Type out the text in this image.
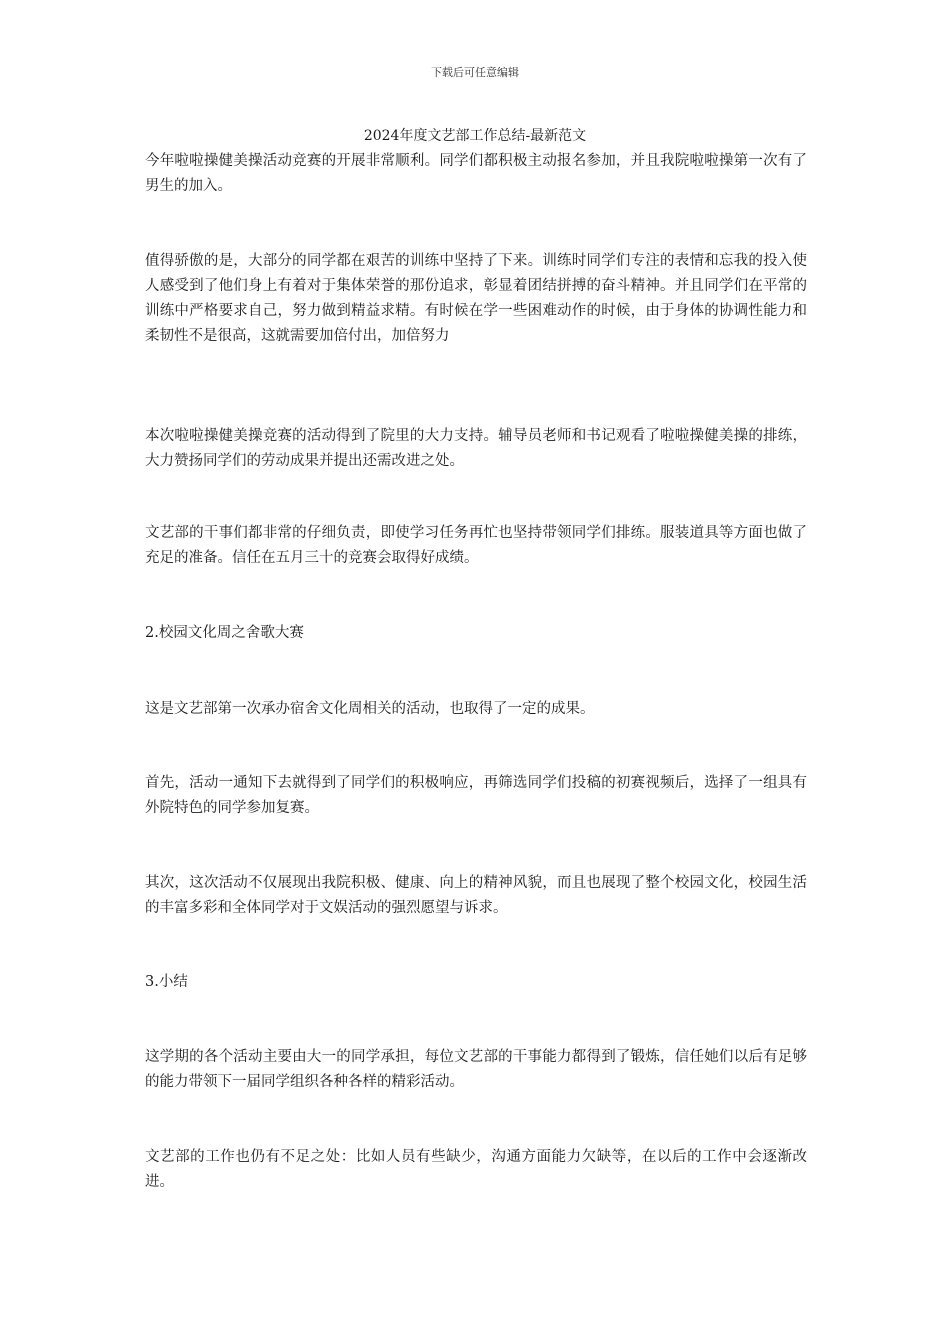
下载后可任意编辑
2024年度文艺部工作总结-最新范文

今年啦啦操健美操活动竞赛的开展非常顺利。同学们都积极主动报名参加，并且我院啦啦操第一次有了男生的加入。

值得骄傲的是，大部分的同学都在艰苦的训练中坚持了下来。训练时同学们专注的表情和忘我的投入使人感受到了他们身上有着对于集体荣誉的那份追求，彰显着团结拼搏的奋斗精神。并且同学们在平常的训练中严格要求自己，努力做到精益求精。有时候在学一些困难动作的时候，由于身体的协调性能力和柔韧性不是很高，这就需要加倍付出，加倍努力

本次啦啦操健美操竞赛的活动得到了院里的大力支持。辅导员老师和书记观看了啦啦操健美操的排练，大力赞扬同学们的劳动成果并提出还需改进之处。

文艺部的干事们都非常的仔细负责，即使学习任务再忙也坚持带领同学们排练。服装道具等方面也做了充足的准备。信任在五月三十的竞赛会取得好成绩。

2.校园文化周之舍歌大赛

这是文艺部第一次承办宿舍文化周相关的活动，也取得了一定的成果。

首先，活动一通知下去就得到了同学们的积极响应，再筛选同学们投稿的初赛视频后，选择了一组具有外院特色的同学参加复赛。

其次，这次活动不仅展现出我院积极、健康、向上的精神风貌，而且也展现了整个校园文化，校园生活的丰富多彩和全体同学对于文娱活动的强烈愿望与诉求。

3.小结

这学期的各个活动主要由大一的同学承担，每位文艺部的干事能力都得到了锻炼，信任她们以后有足够的能力带领下一届同学组织各种各样的精彩活动。

文艺部的工作也仍有不足之处：比如人员有些缺少，沟通方面能力欠缺等，在以后的工作中会逐渐改进。
